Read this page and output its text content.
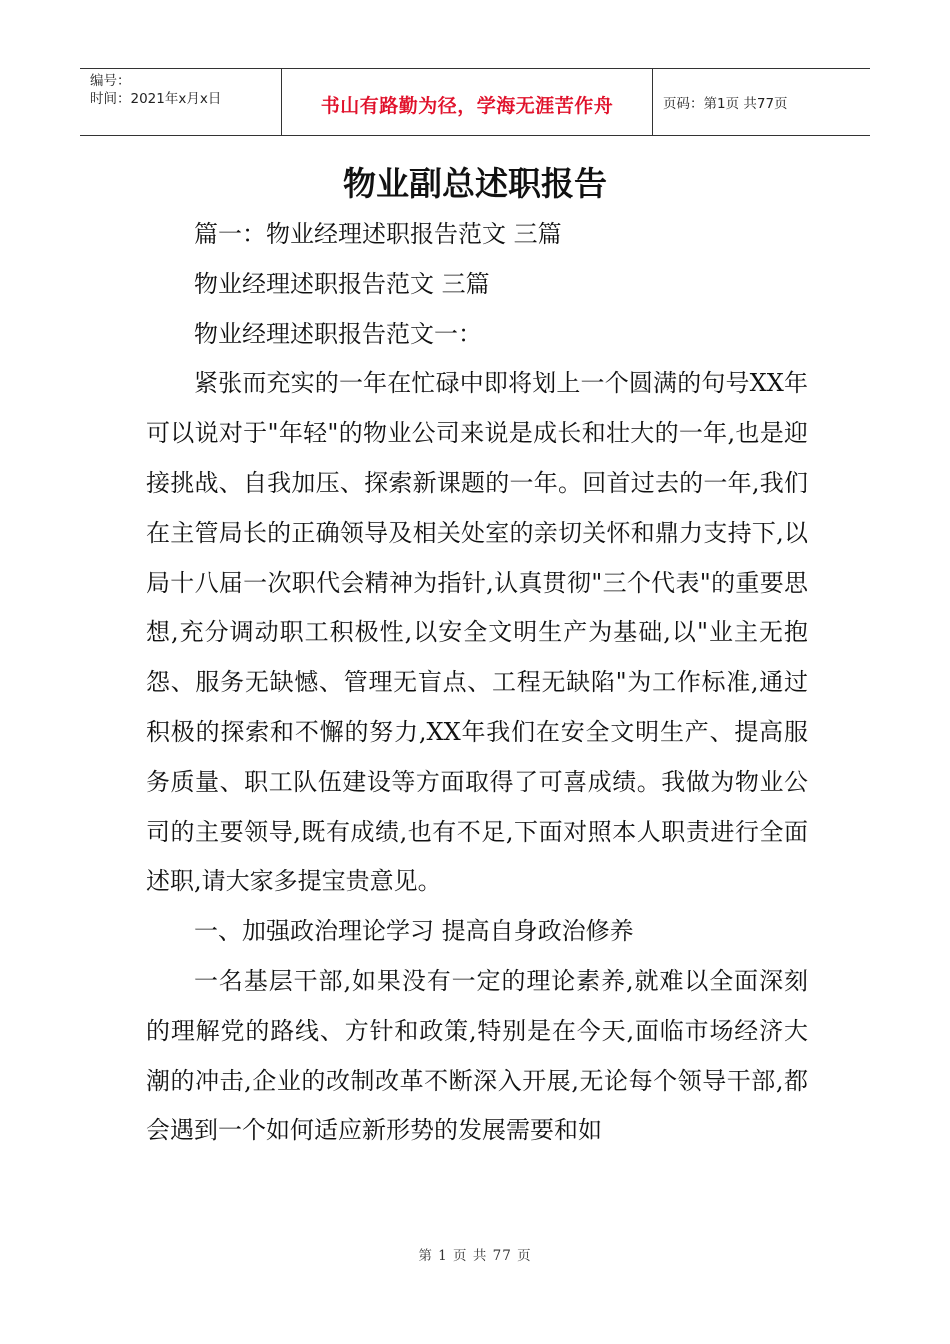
编号：
时间：2021年x月x日	书山有路勤为径，学海无涯苦作舟	页码：第1页 共77页
物业副总述职报告

篇一：物业经理述职报告范文 三篇

物业经理述职报告范文 三篇

物业经理述职报告范文一：

紧张而充实的一年在忙碌中即将划上一个圆满的句号XX年可以说对于"年轻"的物业公司来说是成长和壮大的一年,也是迎接挑战、自我加压、探索新课题的一年。回首过去的一年,我们在主管局长的正确领导及相关处室的亲切关怀和鼎力支持下,以局十八届一次职代会精神为指针,认真贯彻"三个代表"的重要思想,充分调动职工积极性,以安全文明生产为基础,以"业主无抱怨、服务无缺憾、管理无盲点、工程无缺陷"为工作标准,通过积极的探索和不懈的努力,XX年我们在安全文明生产、提高服务质量、职工队伍建设等方面取得了可喜成绩。我做为物业公司的主要领导,既有成绩,也有不足,下面对照本人职责进行全面述职,请大家多提宝贵意见。

一、加强政治理论学习 提高自身政治修养

一名基层干部,如果没有一定的理论素养,就难以全面深刻的理解党的路线、方针和政策,特别是在今天,面临市场经济大潮的冲击,企业的改制改革不断深入开展,无论每个领导干部,都会遇到一个如何适应新形势的发展需要和如

第 1 页 共 77 页
